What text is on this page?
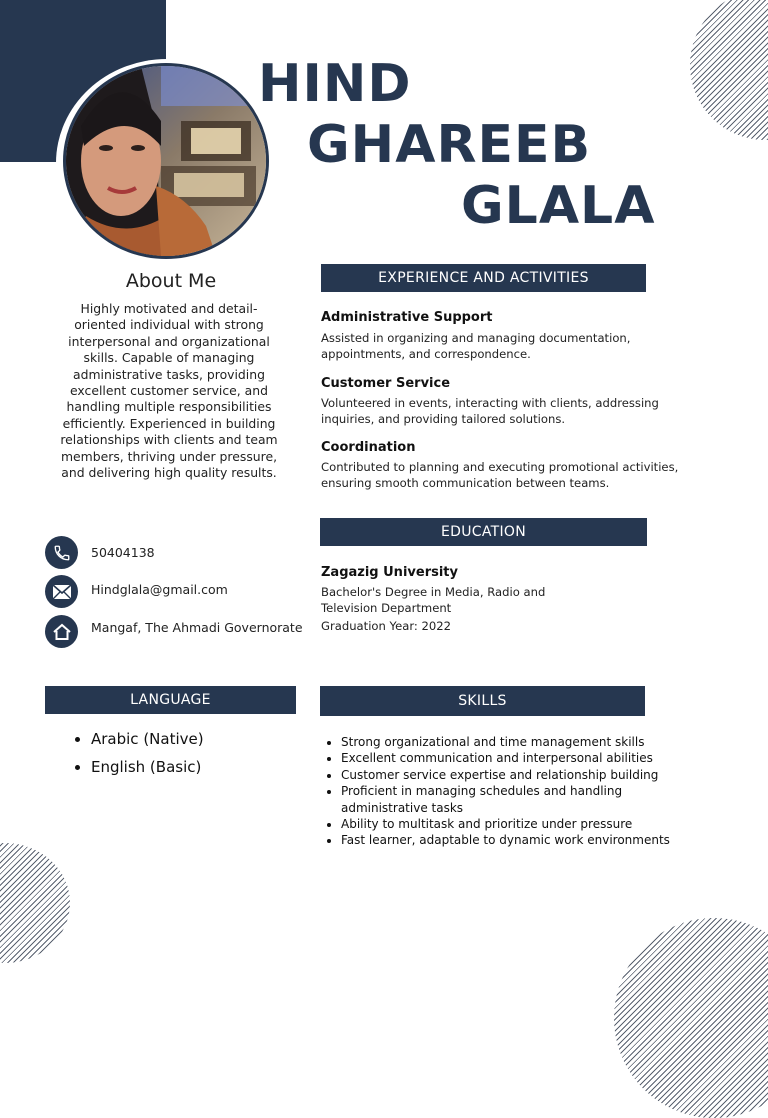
HIND
GHAREEB
GLALA
About Me
Highly motivated and detail-oriented individual with strong interpersonal and organizational skills. Capable of managing administrative tasks, providing excellent customer service, and handling multiple responsibilities efficiently. Experienced in building relationships with clients and team members, thriving under pressure, and delivering high quality results.
50404138
Hindglala@gmail.com
Mangaf, The Ahmadi Governorate
EXPERIENCE AND ACTIVITIES
Administrative Support
Assisted in organizing and managing documentation, appointments, and correspondence.
Customer Service
Volunteered in events, interacting with clients, addressing inquiries, and providing tailored solutions.
Coordination
Contributed to planning and executing promotional activities, ensuring smooth communication between teams.
EDUCATION
Zagazig University
Bachelor's Degree in Media, Radio and Television Department
Graduation Year: 2022
LANGUAGE
• Arabic (Native)
• English (Basic)
SKILLS
• Strong organizational and time management skills
• Excellent communication and interpersonal abilities
• Customer service expertise and relationship building
• Proficient in managing schedules and handling administrative tasks
• Ability to multitask and prioritize under pressure
• Fast learner, adaptable to dynamic work environments
